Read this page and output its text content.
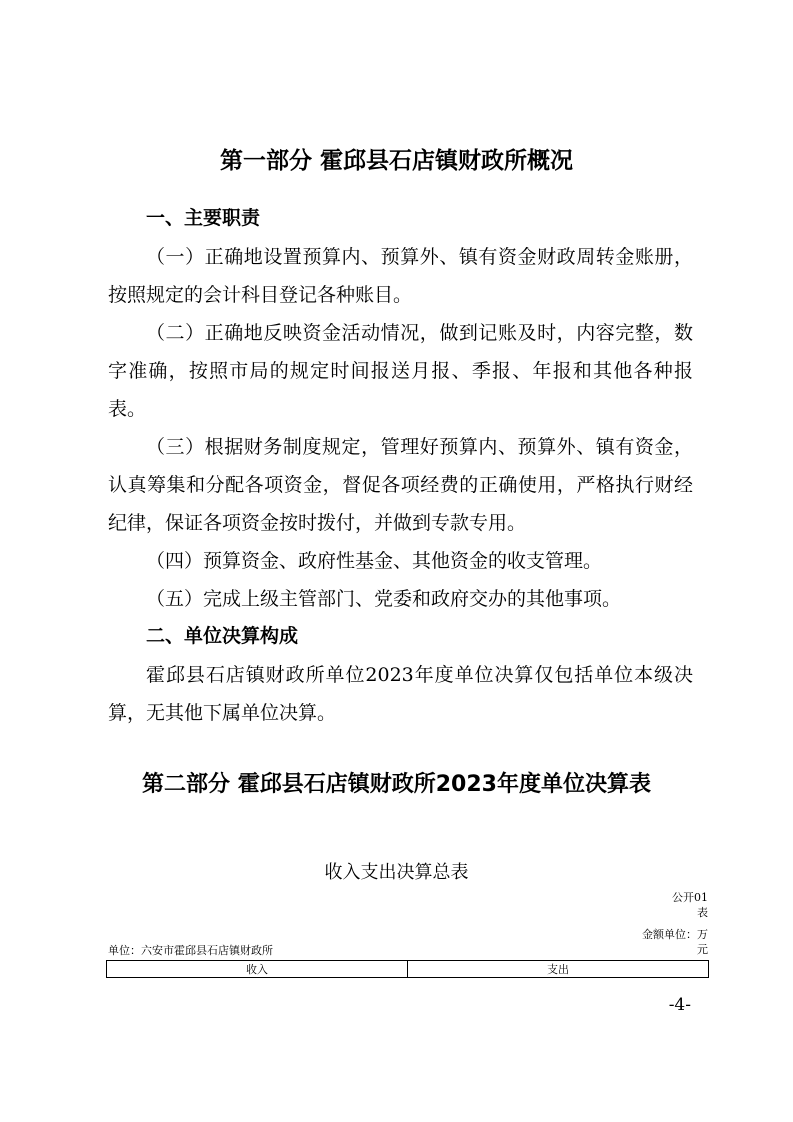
第一部分 霍邱县石店镇财政所概况
一、主要职责

（一）正确地设置预算内、预算外、镇有资金财政周转金账册，按照规定的会计科目登记各种账目。

（二）正确地反映资金活动情况，做到记账及时，内容完整，数字准确，按照市局的规定时间报送月报、季报、年报和其他各种报表。

（三）根据财务制度规定，管理好预算内、预算外、镇有资金，认真筹集和分配各项资金，督促各项经费的正确使用，严格执行财经纪律，保证各项资金按时拨付，并做到专款专用。

（四）预算资金、政府性基金、其他资金的收支管理。

（五）完成上级主管部门、党委和政府交办的其他事项。

二、单位决算构成

霍邱县石店镇财政所单位2023年度单位决算仅包括单位本级决算，无其他下属单位决算。

第二部分 霍邱县石店镇财政所2023年度单位决算表
收入支出决算总表
公开01表
金额单位：万元
单位：六安市霍邱县石店镇财政所
收入	支出
-4-
